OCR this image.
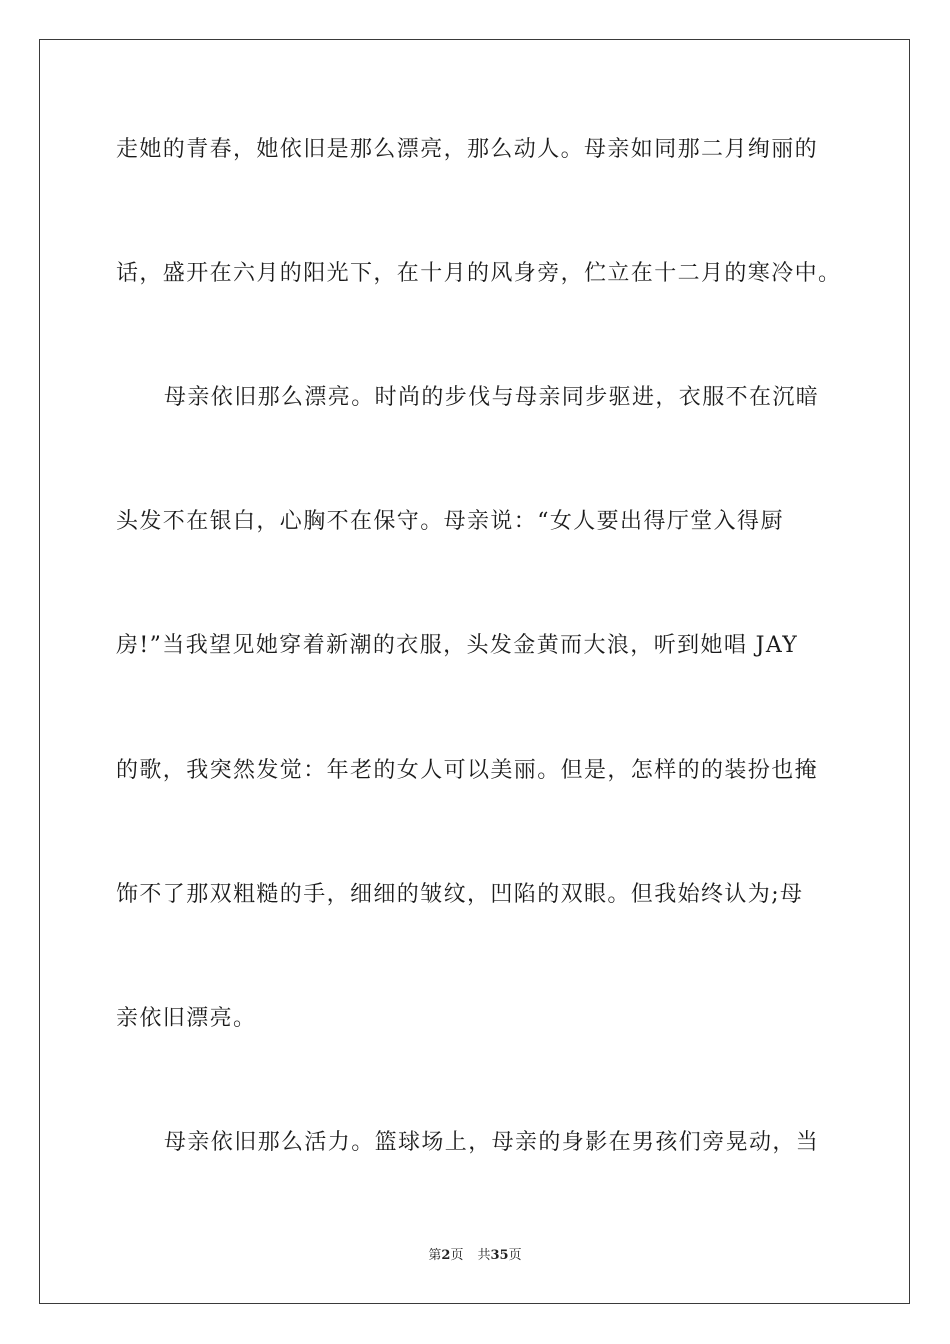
走她的青春，她依旧是那么漂亮，那么动人。母亲如同那二月绚丽的
话，盛开在六月的阳光下，在十月的风身旁，伫立在十二月的寒冷中。
母亲依旧那么漂亮。时尚的步伐与母亲同步驱进，衣服不在沉暗
头发不在银白，心胸不在保守。母亲说：“女人要出得厅堂入得厨
房!”当我望见她穿着新潮的衣服，头发金黄而大浪，听到她唱 JAY
的歌，我突然发觉：年老的女人可以美丽。但是，怎样的的装扮也掩
饰不了那双粗糙的手，细细的皱纹，凹陷的双眼。但我始终认为;母
亲依旧漂亮。
母亲依旧那么活力。篮球场上，母亲的身影在男孩们旁晃动，当
第2页 共35页
